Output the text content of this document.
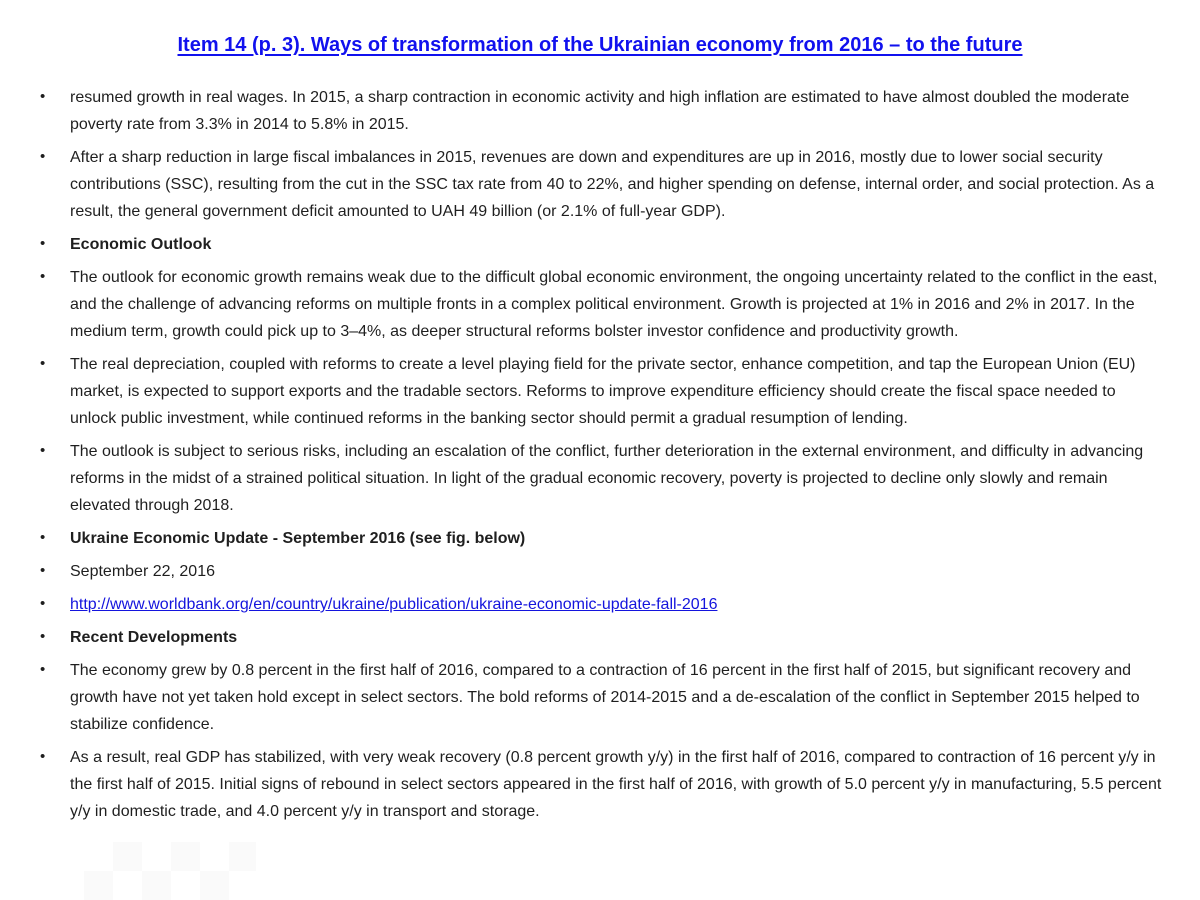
Item 14 (p. 3). Ways of transformation of the Ukrainian economy from 2016 – to the future
• resumed growth in real wages. In 2015, a sharp contraction in economic activity and high inflation are estimated to have almost doubled the moderate poverty rate from 3.3% in 2014 to 5.8% in 2015.
• After a sharp reduction in large fiscal imbalances in 2015, revenues are down and expenditures are up in 2016, mostly due to lower social security contributions (SSC), resulting from the cut in the SSC tax rate from 40 to 22%, and higher spending on defense, internal order, and social protection. As a result, the general government deficit amounted to UAH 49 billion (or 2.1% of full-year GDP).
• Economic Outlook
• The outlook for economic growth remains weak due to the difficult global economic environment, the ongoing uncertainty related to the conflict in the east, and the challenge of advancing reforms on multiple fronts in a complex political environment. Growth is projected at 1% in 2016 and 2% in 2017. In the medium term, growth could pick up to 3–4%, as deeper structural reforms bolster investor confidence and productivity growth.
• The real depreciation, coupled with reforms to create a level playing field for the private sector, enhance competition, and tap the European Union (EU) market, is expected to support exports and the tradable sectors. Reforms to improve expenditure efficiency should create the fiscal space needed to unlock public investment, while continued reforms in the banking sector should permit a gradual resumption of lending.
• The outlook is subject to serious risks, including an escalation of the conflict, further deterioration in the external environment, and difficulty in advancing reforms in the midst of a strained political situation. In light of the gradual economic recovery, poverty is projected to decline only slowly and remain elevated through 2018.
• Ukraine Economic Update - September 2016 (see fig. below)
• September 22, 2016
• http://www.worldbank.org/en/country/ukraine/publication/ukraine-economic-update-fall-2016
• Recent Developments
• The economy grew by 0.8 percent in the first half of 2016, compared to a contraction of 16 percent in the first half of 2015, but significant recovery and growth have not yet taken hold except in select sectors. The bold reforms of 2014-2015 and a de-escalation of the conflict in September 2015 helped to stabilize confidence.
• As a result, real GDP has stabilized, with very weak recovery (0.8 percent growth y/y) in the first half of 2016, compared to contraction of 16 percent y/y in the first half of 2015. Initial signs of rebound in select sectors appeared in the first half of 2016, with growth of 5.0 percent y/y in manufacturing, 5.5 percent y/y in domestic trade, and 4.0 percent y/y in transport and storage.
